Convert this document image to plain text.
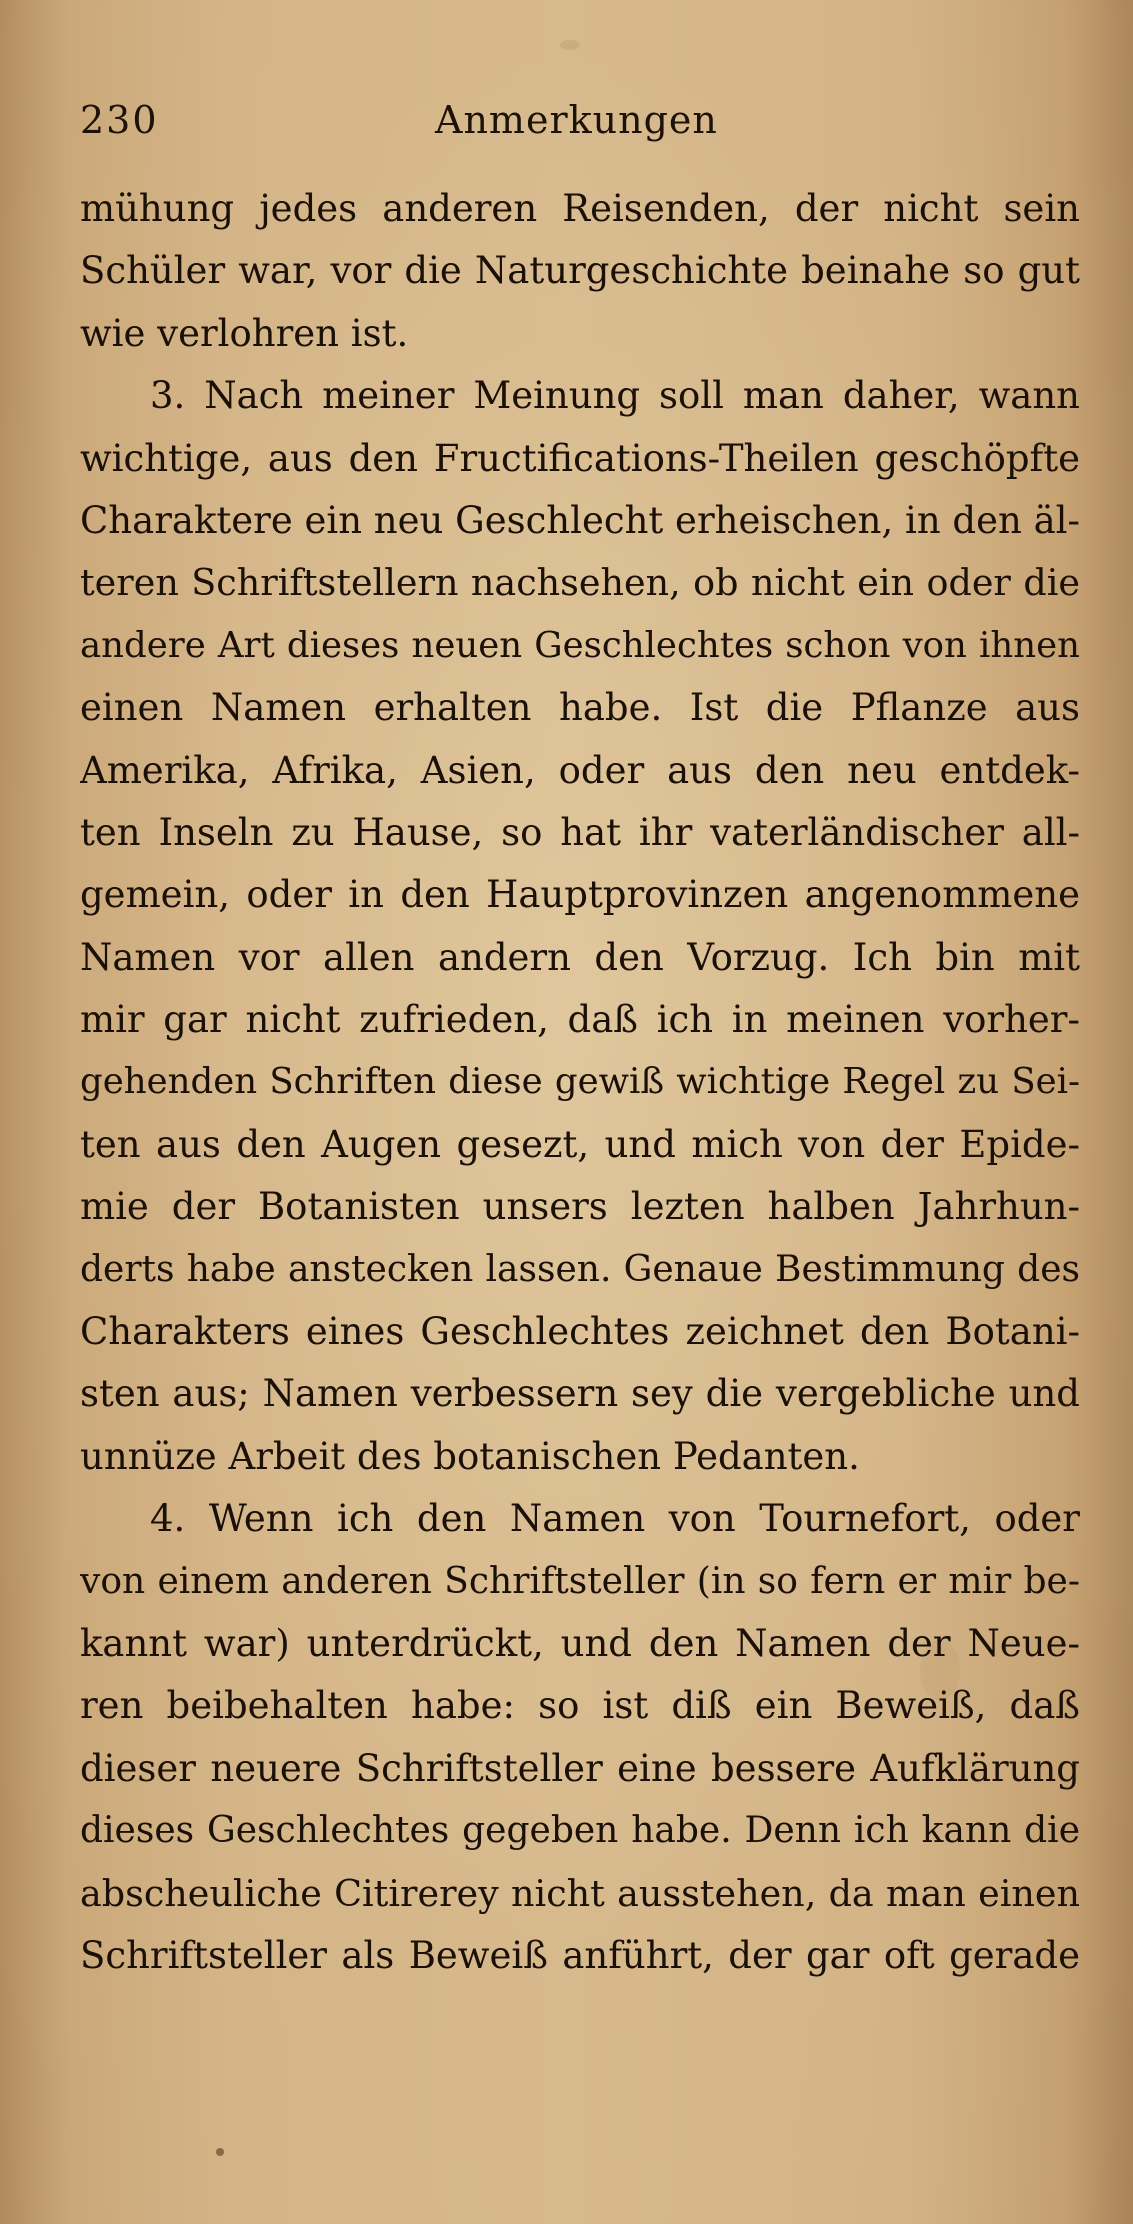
230	Anmerkungen
mühung jedes anderen Reisenden, der nicht sein
Schüler war, vor die Naturgeschichte beinahe so gut
wie verlohren ist.
3. Nach meiner Meinung soll man daher, wann
wichtige, aus den Fructifications-Theilen geschöpfte
Charaktere ein neu Geschlecht erheischen, in den äl-
teren Schriftstellern nachsehen, ob nicht ein oder die
andere Art dieses neuen Geschlechtes schon von ihnen
einen Namen erhalten habe. Ist die Pflanze aus
Amerika, Afrika, Asien, oder aus den neu entdek-
ten Inseln zu Hause, so hat ihr vaterländischer all-
gemein, oder in den Hauptprovinzen angenommene
Namen vor allen andern den Vorzug. Ich bin mit
mir gar nicht zufrieden, daß ich in meinen vorher-
gehenden Schriften diese gewiß wichtige Regel zu Sei-
ten aus den Augen gesezt, und mich von der Epide-
mie der Botanisten unsers lezten halben Jahrhun-
derts habe anstecken lassen. Genaue Bestimmung des
Charakters eines Geschlechtes zeichnet den Botani-
sten aus; Namen verbessern sey die vergebliche und
unnüze Arbeit des botanischen Pedanten.
4. Wenn ich den Namen von Tournefort, oder
von einem anderen Schriftsteller (in so fern er mir be-
kannt war) unterdrückt, und den Namen der Neue-
ren beibehalten habe: so ist diß ein Beweiß, daß
dieser neuere Schriftsteller eine bessere Aufklärung
dieses Geschlechtes gegeben habe. Denn ich kann die
abscheuliche Citirerey nicht ausstehen, da man einen
Schriftsteller als Beweiß anführt, der gar oft gerade
